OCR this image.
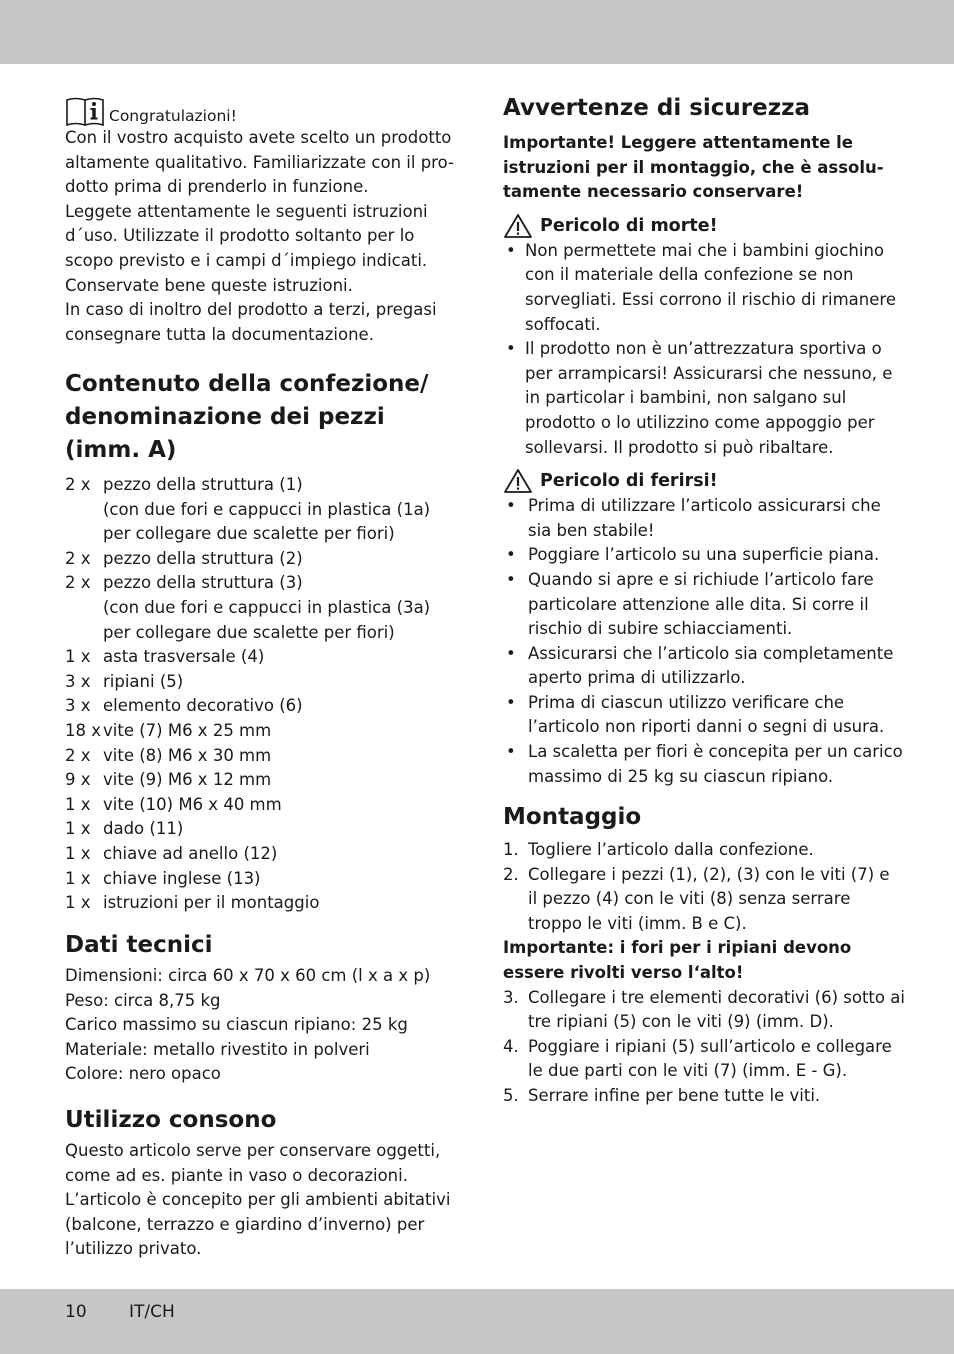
Congratulazioni!
Con il vostro acquisto avete scelto un prodotto
altamente qualitativo. Familiarizzate con il pro-
dotto prima di prenderlo in funzione.
Leggete attentamente le seguenti istruzioni
d´uso. Utilizzate il prodotto soltanto per lo
scopo previsto e i campi d´impiego indicati.
Conservate bene queste istruzioni.
In caso di inoltro del prodotto a terzi, pregasi
consegnare tutta la documentazione.
Contenuto della confezione/
denominazione dei pezzi
(imm. A)
2 x pezzo della struttura (1)
(con due fori e cappucci in plastica (1a)
per collegare due scalette per fiori)
2 x pezzo della struttura (2)
2 x pezzo della struttura (3)
(con due fori e cappucci in plastica (3a)
per collegare due scalette per fiori)
1 x asta trasversale (4)
3 x ripiani (5)
3 x elemento decorativo (6)
18 x vite (7) M6 x 25 mm
2 x vite (8) M6 x 30 mm
9 x vite (9) M6 x 12 mm
1 x vite (10) M6 x 40 mm
1 x dado (11)
1 x chiave ad anello (12)
1 x chiave inglese (13)
1 x istruzioni per il montaggio
Dati tecnici
Dimensioni: circa 60 x 70 x 60 cm (l x a x p)
Peso: circa 8,75 kg
Carico massimo su ciascun ripiano: 25 kg
Materiale: metallo rivestito in polveri
Colore: nero opaco
Utilizzo consono
Questo articolo serve per conservare oggetti,
come ad es. piante in vaso o decorazioni.
L’articolo è concepito per gli ambienti abitativi
(balcone, terrazzo e giardino d’inverno) per
l’utilizzo privato.
Avvertenze di sicurezza
Importante! Leggere attentamente le
istruzioni per il montaggio, che è assolu-
tamente necessario conservare!
Pericolo di morte!
• Non permettete mai che i bambini giochino
con il materiale della confezione se non
sorvegliati. Essi corrono il rischio di rimanere
soffocati.
• Il prodotto non è un’attrezzatura sportiva o
per arrampicarsi! Assicurarsi che nessuno, e
in particolar i bambini, non salgano sul
prodotto o lo utilizzino come appoggio per
sollevarsi. Il prodotto si può ribaltare.
Pericolo di ferirsi!
• Prima di utilizzare l’articolo assicurarsi che
sia ben stabile!
• Poggiare l’articolo su una superficie piana.
• Quando si apre e si richiude l’articolo fare
particolare attenzione alle dita. Si corre il
rischio di subire schiacciamenti.
• Assicurarsi che l’articolo sia completamente
aperto prima di utilizzarlo.
• Prima di ciascun utilizzo verificare che
l’articolo non riporti danni o segni di usura.
• La scaletta per fiori è concepita per un carico
massimo di 25 kg su ciascun ripiano.
Montaggio
1. Togliere l’articolo dalla confezione.
2. Collegare i pezzi (1), (2), (3) con le viti (7) e
il pezzo (4) con le viti (8) senza serrare
troppo le viti (imm. B e C).
Importante: i fori per i ripiani devono
essere rivolti verso l‘alto!
3. Collegare i tre elementi decorativi (6) sotto ai
tre ripiani (5) con le viti (9) (imm. D).
4. Poggiare i ripiani (5) sull’articolo e collegare
le due parti con le viti (7) (imm. E - G).
5. Serrare infine per bene tutte le viti.
10 IT/CH
